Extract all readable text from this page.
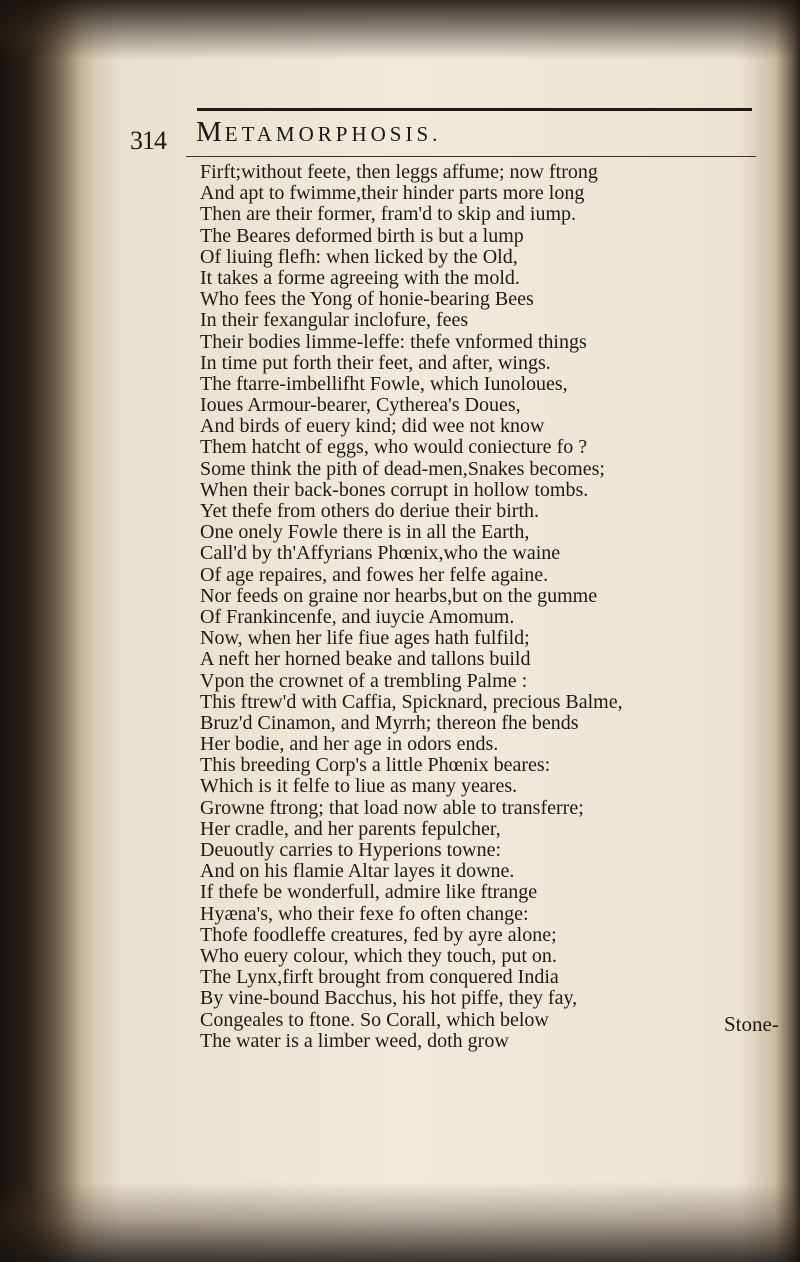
314 METAMORPHOSIS.
Firft;without feete, then leggs affume; now ftrong
And apt to fwimme,their hinder parts more long
Then are their former, fram'd to skip and iump.
The Beares deformed birth is but a lump
Of liuing flefh: when licked by the Old,
It takes a forme agreeing with the mold.
Who fees the Yong of honie-bearing Bees
In their fexangular inclofure, fees
Their bodies limme-leffe: thefe vnformed things
In time put forth their feet, and after, wings.
The ftarre-imbellifht Fowle, which Iunoloues,
Ioues Armour-bearer, Cytherea's Doues,
And birds of euery kind; did wee not know
Them hatcht of eggs, who would coniecture fo ?
Some think the pith of dead-men,Snakes becomes;
When their back-bones corrupt in hollow tombs.
Yet thefe from others do deriue their birth.
One onely Fowle there is in all the Earth,
Call'd by th'Affyrians Phœnix,who the waine
Of age repaires, and fowes her felfe againe.
Nor feeds on graine nor hearbs,but on the gumme
Of Frankincenfe, and iuycie Amomum.
Now, when her life fiue ages hath fulfild;
A neft her horned beake and tallons build
Vpon the crownet of a trembling Palme :
This ftrew'd with Caffia, Spicknard, precious Balme,
Bruz'd Cinamon, and Myrrh; thereon fhe bends
Her bodie, and her age in odors ends.
This breeding Corp's a little Phœnix beares:
Which is it felfe to liue as many yeares.
Growne ftrong; that load now able to transferre;
Her cradle, and her parents fepulcher,
Deuoutly carries to Hyperions towne:
And on his flamie Altar layes it downe.
If thefe be wonderfull, admire like ftrange
Hyæna's, who their fexe fo often change:
Thofe foodleffe creatures, fed by ayre alone;
Who euery colour, which they touch, put on.
The Lynx,firft brought from conquered India
By vine-bound Bacchus, his hot piffe, they fay,
Congeales to ftone. So Corall, which below
The water is a limber weed, doth grow
Stone-
